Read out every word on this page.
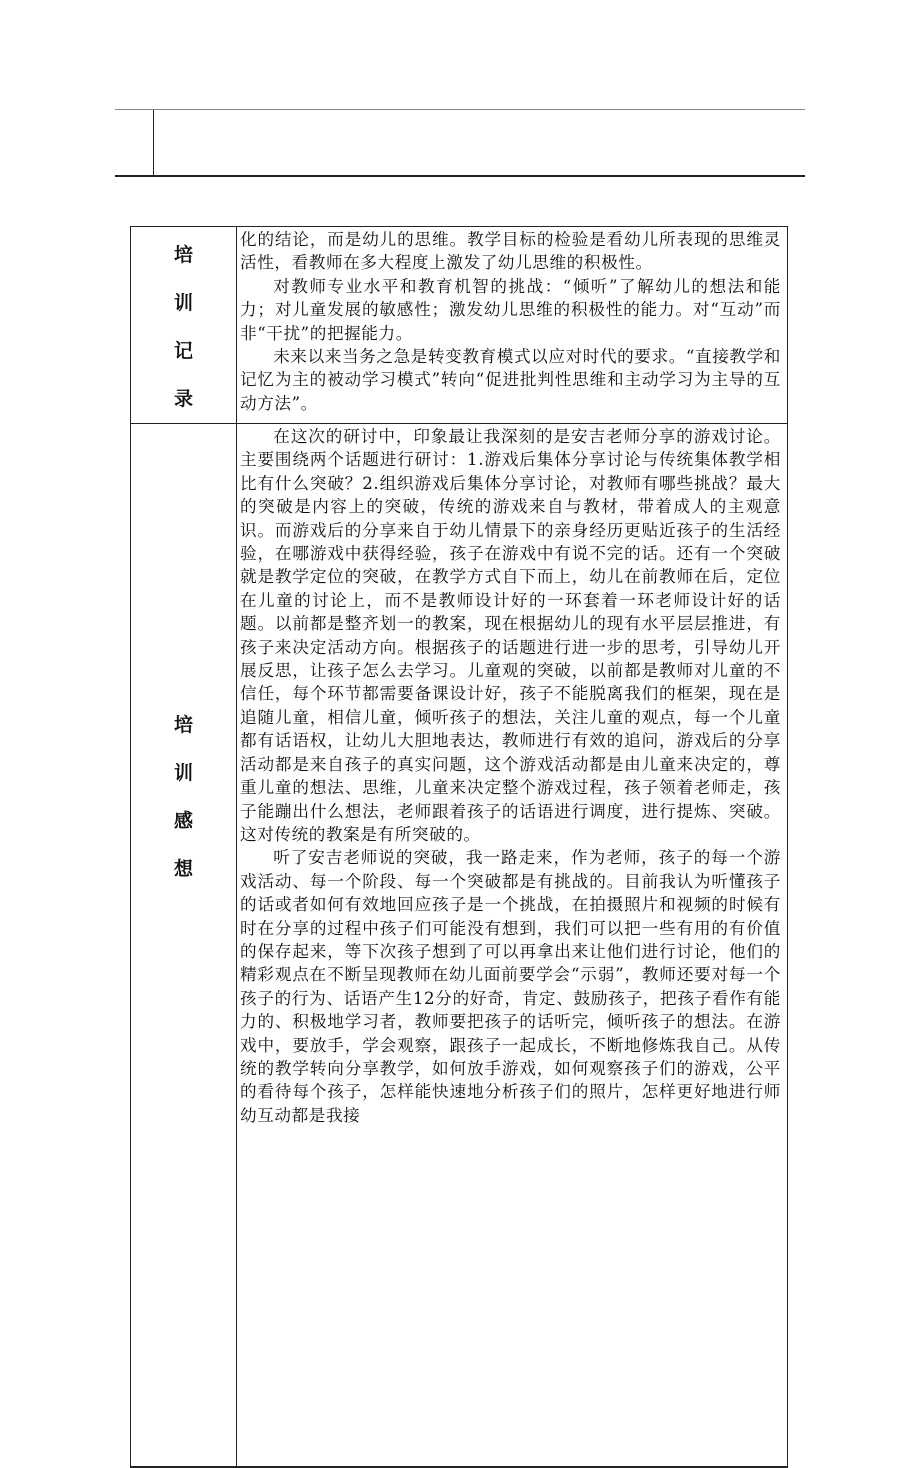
培
训
记
录

化的结论，而是幼儿的思维。教学目标的检验是看幼儿所表现的思维灵活性，看教师在多大程度上激发了幼儿思维的积极性。

对教师专业水平和教育机智的挑战：“倾听”了解幼儿的想法和能力；对儿童发展的敏感性；激发幼儿思维的积极性的能力。对“互动”而非“干扰”的把握能力。

未来以来当务之急是转变教育模式以应对时代的要求。“直接教学和记忆为主的被动学习模式”转向“促进批判性思维和主动学习为主导的互动方法”。

培
训
感
想

在这次的研讨中，印象最让我深刻的是安吉老师分享的游戏讨论。主要围绕两个话题进行研讨：1.游戏后集体分享讨论与传统集体教学相比有什么突破？2.组织游戏后集体分享讨论，对教师有哪些挑战？最大的突破是内容上的突破，传统的游戏来自与教材，带着成人的主观意识。而游戏后的分享来自于幼儿情景下的亲身经历更贴近孩子的生活经验，在哪游戏中获得经验，孩子在游戏中有说不完的话。还有一个突破就是教学定位的突破，在教学方式自下而上，幼儿在前教师在后，定位在儿童的讨论上，而不是教师设计好的一环套着一环老师设计好的话题。以前都是整齐划一的教案，现在根据幼儿的现有水平层层推进，有孩子来决定活动方向。根据孩子的话题进行进一步的思考，引导幼儿开展反思，让孩子怎么去学习。儿童观的突破，以前都是教师对儿童的不信任，每个环节都需要备课设计好，孩子不能脱离我们的框架，现在是追随儿童，相信儿童，倾听孩子的想法，关注儿童的观点，每一个儿童都有话语权，让幼儿大胆地表达，教师进行有效的追问，游戏后的分享活动都是来自孩子的真实问题，这个游戏活动都是由儿童来决定的，尊重儿童的想法、思维，儿童来决定整个游戏过程，孩子领着老师走，孩子能蹦出什么想法，老师跟着孩子的话语进行调度，进行提炼、突破。这对传统的教案是有所突破的。

听了安吉老师说的突破，我一路走来，作为老师，孩子的每一个游戏活动、每一个阶段、每一个突破都是有挑战的。目前我认为听懂孩子的话或者如何有效地回应孩子是一个挑战，在拍摄照片和视频的时候有时在分享的过程中孩子们可能没有想到，我们可以把一些有用的有价值的保存起来，等下次孩子想到了可以再拿出来让他们进行讨论，他们的精彩观点在不断呈现教师在幼儿面前要学会“示弱”，教师还要对每一个孩子的行为、话语产生12分的好奇，肯定、鼓励孩子，把孩子看作有能力的、积极地学习者，教师要把孩子的话听完，倾听孩子的想法。在游戏中，要放手，学会观察，跟孩子一起成长，不断地修炼我自己。从传统的教学转向分享教学，如何放手游戏，如何观察孩子们的游戏，公平的看待每个孩子，怎样能快速地分析孩子们的照片，怎样更好地进行师幼互动都是我接
